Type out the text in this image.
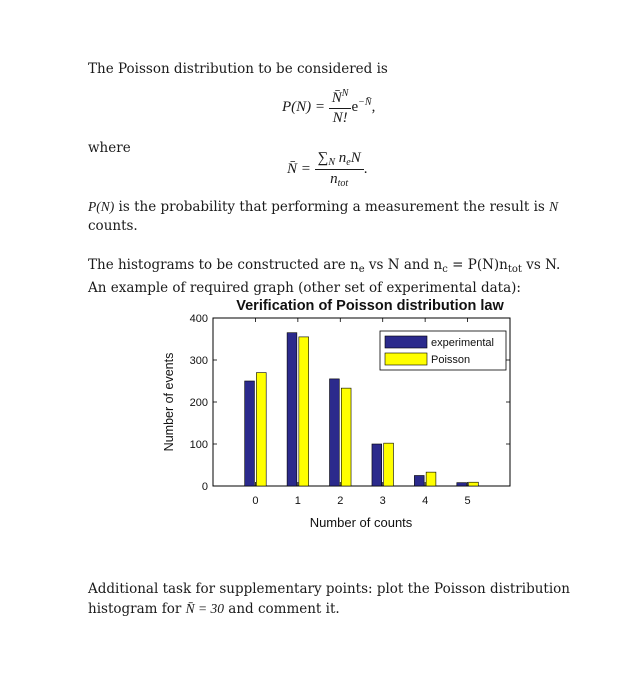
The Poisson distribution to be considered is

$P(N) = \frac{N̄^N}{N!} e^{-N̄}$,

where

N̄ = $\frac{\sum_N n_eN}{n_{tot}}$ .

P(N) is the probability that performing a measurement the result is N
counts.

The histograms to be constructed are $n_e$ vs N and $n_c = P(N)n_{tot}$ vs N.
An example of required graph (other set of experimental data):

Verification of Poisson distribution law
0
100
200
300
400
0	1	2	3	4	5
Number of counts
Number of events
experimental
Poisson

Additional task for supplementary points: plot the Poisson distribution
histogram for N̄ = 30 and comment it.
